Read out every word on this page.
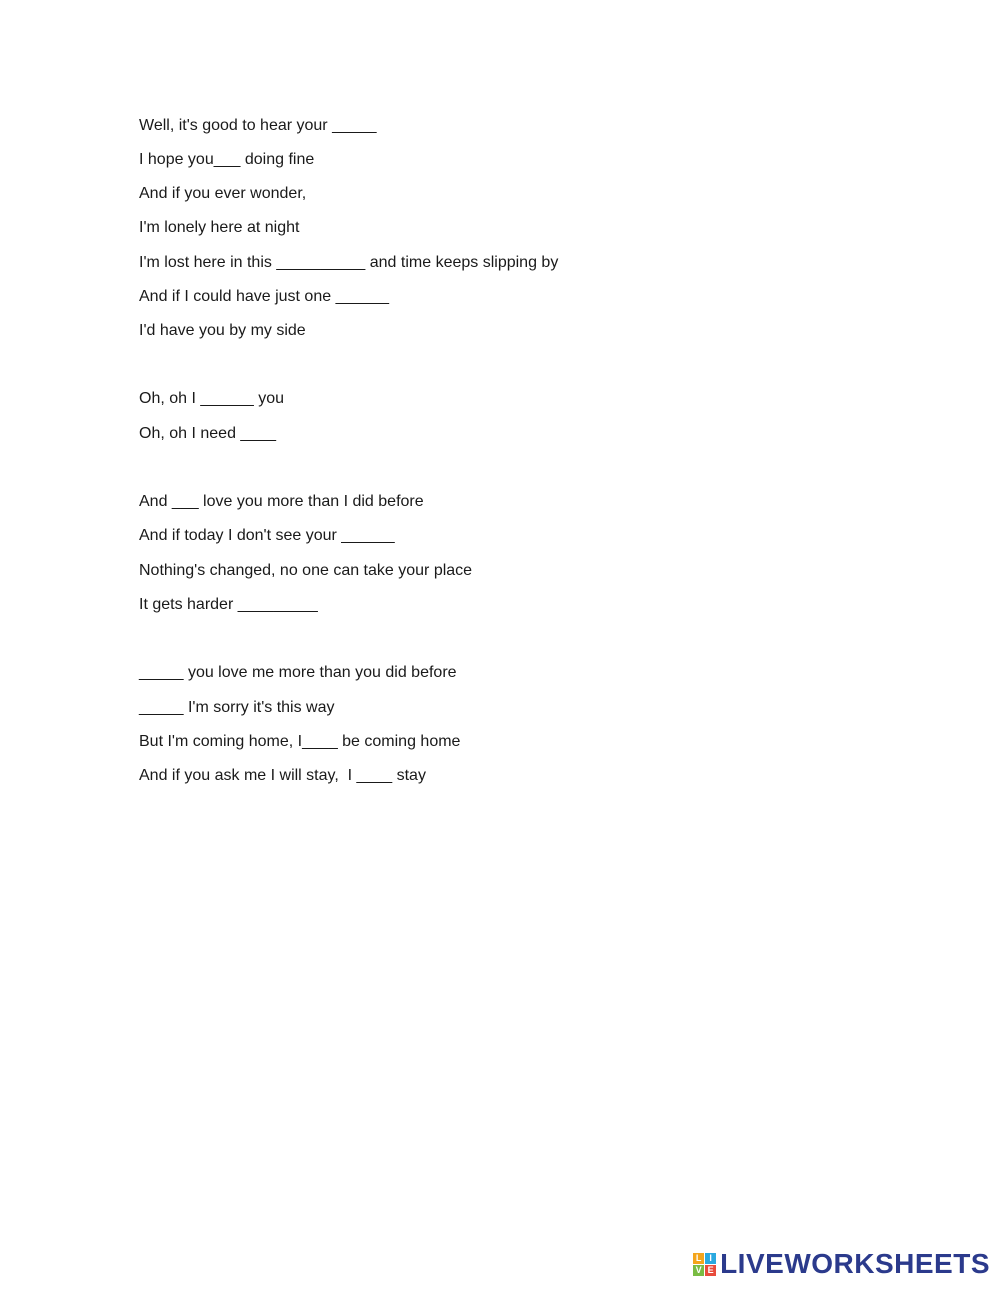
Well, it's good to hear your _____
I hope you___ doing fine
And if you ever wonder,
I'm lonely here at night
I'm lost here in this __________ and time keeps slipping by
And if I could have just one ______
I'd have you by my side
Oh, oh I ______ you
Oh, oh I need ____
And ___ love you more than I did before
And if today I don't see your ______
Nothing's changed, no one can take your place
It gets harder _________
_____ you love me more than you did before
_____ I'm sorry it's this way
But I'm coming home, I____ be coming home
And if you ask me I will stay,  I ____ stay
L I
V E LIVEWORKSHEETS
